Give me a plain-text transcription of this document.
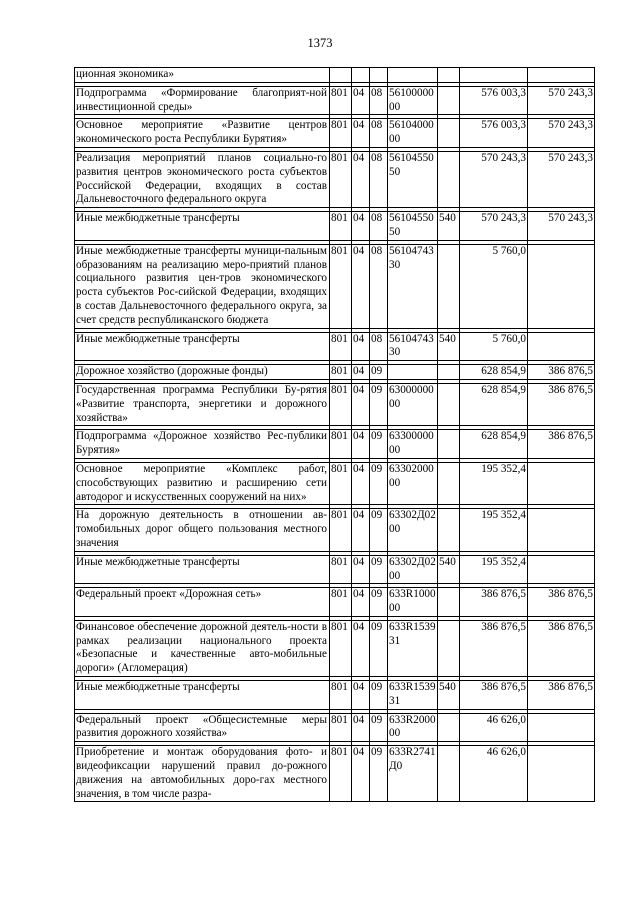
1373
ционная экономика»							

Подпрограмма «Формирование благоприят-ной инвестиционной среды»	801	04	08	5610000000		576 003,3	570 243,3

Основное мероприятие «Развитие центров экономического роста Республики Бурятия»	801	04	08	5610400000		576 003,3	570 243,3

Реализация мероприятий планов социально-го развития центров экономического роста субъектов Российской Федерации, входящих в состав Дальневосточного федерального округа	801	04	08	5610455050		570 243,3	570 243,3

Иные межбюджетные трансферты	801	04	08	5610455050	540	570 243,3	570 243,3

Иные межбюджетные трансферты муници-пальным образованиям на реализацию меро-приятий планов социального развития цен-тров экономического роста субъектов Рос-сийской Федерации, входящих в состав Дальневосточного федерального округа, за счет средств республиканского бюджета	801	04	08	5610474330		5 760,0	

Иные межбюджетные трансферты	801	04	08	5610474330	540	5 760,0	

Дорожное хозяйство (дорожные фонды)	801	04	09			628 854,9	386 876,5

Государственная программа Республики Бу-рятия «Развитие транспорта, энергетики и дорожного хозяйства»	801	04	09	6300000000		628 854,9	386 876,5

Подпрограмма «Дорожное хозяйство Рес-публики Бурятия»	801	04	09	6330000000		628 854,9	386 876,5

Основное мероприятие «Комплекс работ, способствующих развитию и расширению сети автодорог и искусственных сооружений на них»	801	04	09	6330200000		195 352,4	

На дорожную деятельность в отношении ав-томобильных дорог общего пользования местного значения	801	04	09	63302Д0200		195 352,4	

Иные межбюджетные трансферты	801	04	09	63302Д0200	540	195 352,4	

Федеральный проект «Дорожная сеть»	801	04	09	633R100000		386 876,5	386 876,5

Финансовое обеспечение дорожной деятель-ности в рамках реализации национального проекта «Безопасные и качественные авто-мобильные дороги» (Агломерация)	801	04	09	633R153931		386 876,5	386 876,5

Иные межбюджетные трансферты	801	04	09	633R153931	540	386 876,5	386 876,5

Федеральный проект «Общесистемные меры развития дорожного хозяйства»	801	04	09	633R200000		46 626,0	

Приобретение и монтаж оборудования фото- и видеофиксации нарушений правил до-рожного движения на автомобильных доро-гах местного значения, в том числе разра-	801	04	09	633R2741Д0		46 626,0	
